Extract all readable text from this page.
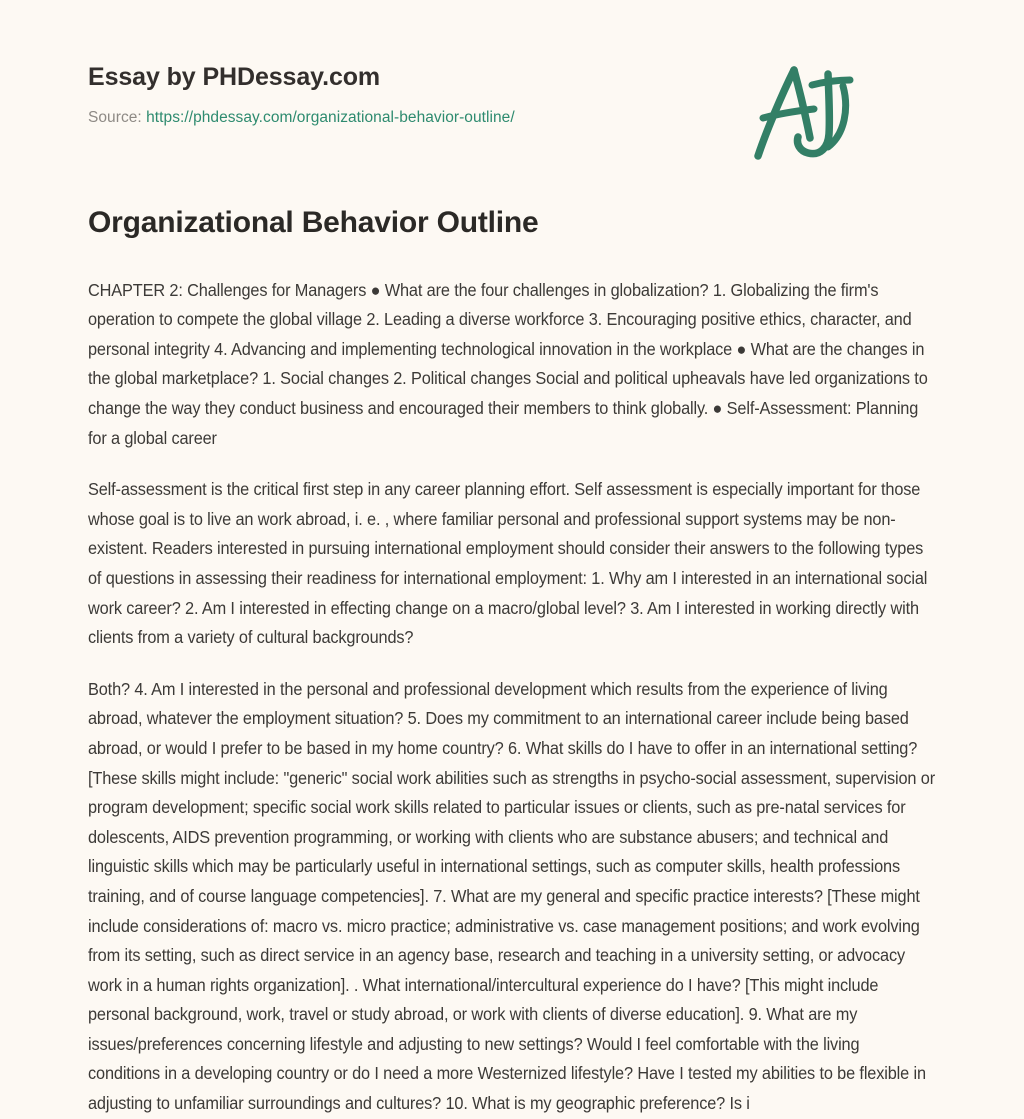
Essay by PHDessay.com
Source: https://phdessay.com/organizational-behavior-outline/
Organizational Behavior Outline

CHAPTER 2: Challenges for Managers ● What are the four challenges in globalization? 1. Globalizing the firm's operation to compete the global village 2. Leading a diverse workforce 3. Encouraging positive ethics, character, and personal integrity 4. Advancing and implementing technological innovation in the workplace ● What are the changes in the global marketplace? 1. Social changes 2. Political changes Social and political upheavals have led organizations to change the way they conduct business and encouraged their members to think globally. ● Self-Assessment: Planning for a global career

Self-assessment is the critical first step in any career planning effort. Self assessment is especially important for those whose goal is to live an work abroad, i. e. , where familiar personal and professional support systems may be non-existent. Readers interested in pursuing international employment should consider their answers to the following types of questions in assessing their readiness for international employment: 1. Why am I interested in an international social work career? 2. Am I interested in effecting change on a macro/global level? 3. Am I interested in working directly with clients from a variety of cultural backgrounds?

Both? 4. Am I interested in the personal and professional development which results from the experience of living abroad, whatever the employment situation? 5. Does my commitment to an international career include being based abroad, or would I prefer to be based in my home country? 6. What skills do I have to offer in an international setting? [These skills might include: "generic" social work abilities such as strengths in psycho-social assessment, supervision or program development; specific social work skills related to particular issues or clients, such as pre-natal services for dolescents, AIDS prevention programming, or working with clients who are substance abusers; and technical and linguistic skills which may be particularly useful in international settings, such as computer skills, health professions training, and of course language competencies]. 7. What are my general and specific practice interests? [These might include considerations of: macro vs. micro practice; administrative vs. case management positions; and work evolving from its setting, such as direct service in an agency base, research and teaching in a university setting, or advocacy work in a human rights organization]. . What international/intercultural experience do I have? [This might include personal background, work, travel or study abroad, or work with clients of diverse education]. 9. What are my issues/preferences concerning lifestyle and adjusting to new settings? Would I feel comfortable with the living conditions in a developing country or do I need a more Westernized lifestyle? Have I tested my abilities to be flexible in adjusting to unfamiliar surroundings and cultures? 10. What is my geographic preference? Is i
